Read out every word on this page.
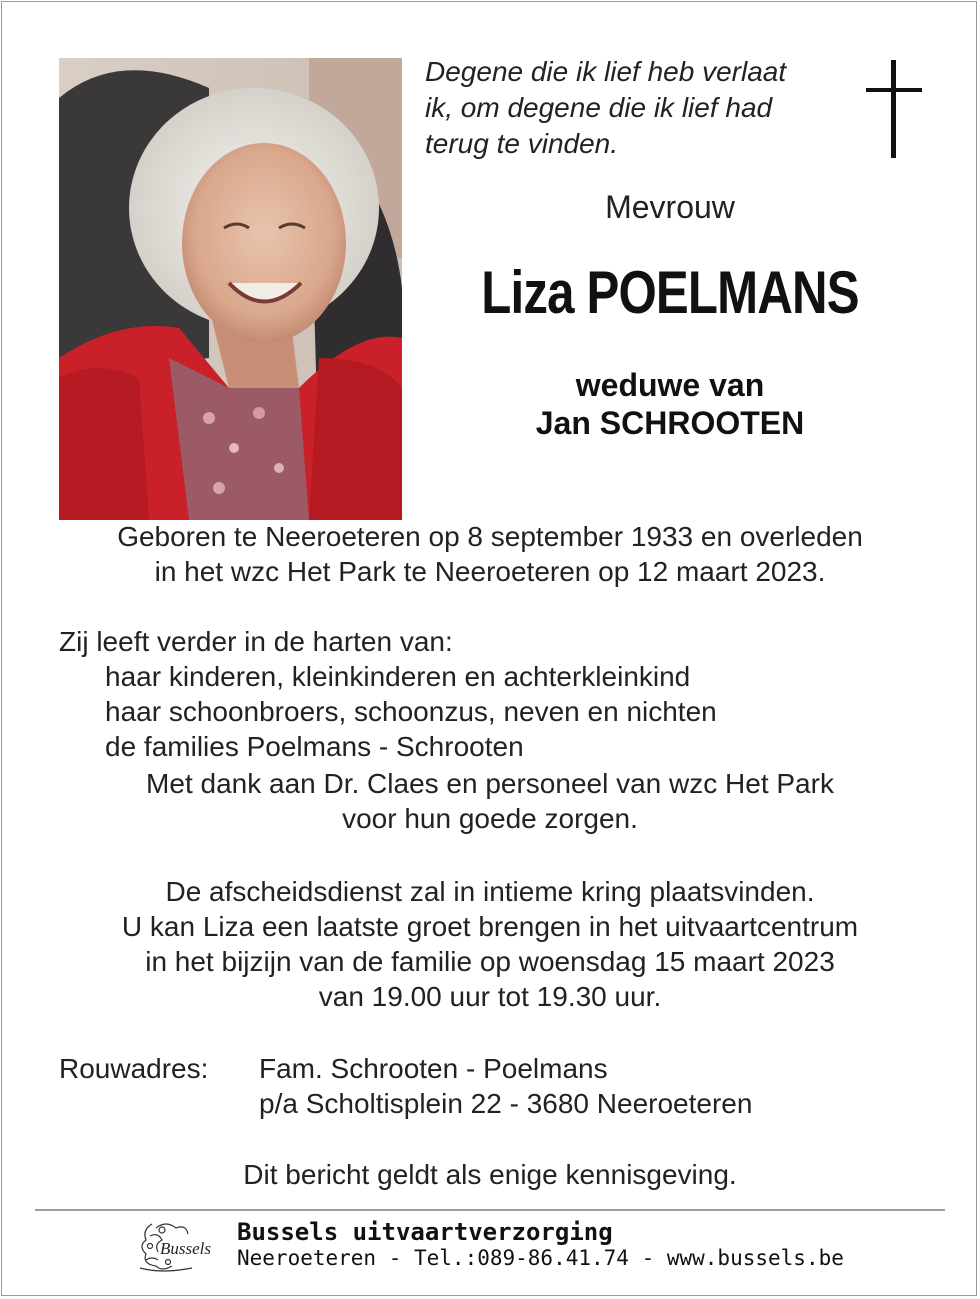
Degene die ik lief heb verlaat
ik, om degene die ik lief had
terug te vinden.
Mevrouw
Liza POELMANS
weduwe van
Jan SCHROOTEN
Geboren te Neeroeteren op 8 september 1933 en overleden
in het wzc Het Park te Neeroeteren op 12 maart 2023.
Zij leeft verder in de harten van:
haar kinderen, kleinkinderen en achterkleinkind
haar schoonbroers, schoonzus, neven en nichten
de families Poelmans - Schrooten
Met dank aan Dr. Claes en personeel van wzc Het Park
voor hun goede zorgen.
De afscheidsdienst zal in intieme kring plaatsvinden.
U kan Liza een laatste groet brengen in het uitvaartcentrum
in het bijzijn van de familie op woensdag 15 maart 2023
van 19.00 uur tot 19.30 uur.
Rouwadres: Fam. Schrooten - Poelmans
p/a Scholtisplein 22 - 3680 Neeroeteren
Dit bericht geldt als enige kennisgeving.
Bussels
Bussels uitvaartverzorging
Neeroeteren - Tel.:089-86.41.74 - www.bussels.be
